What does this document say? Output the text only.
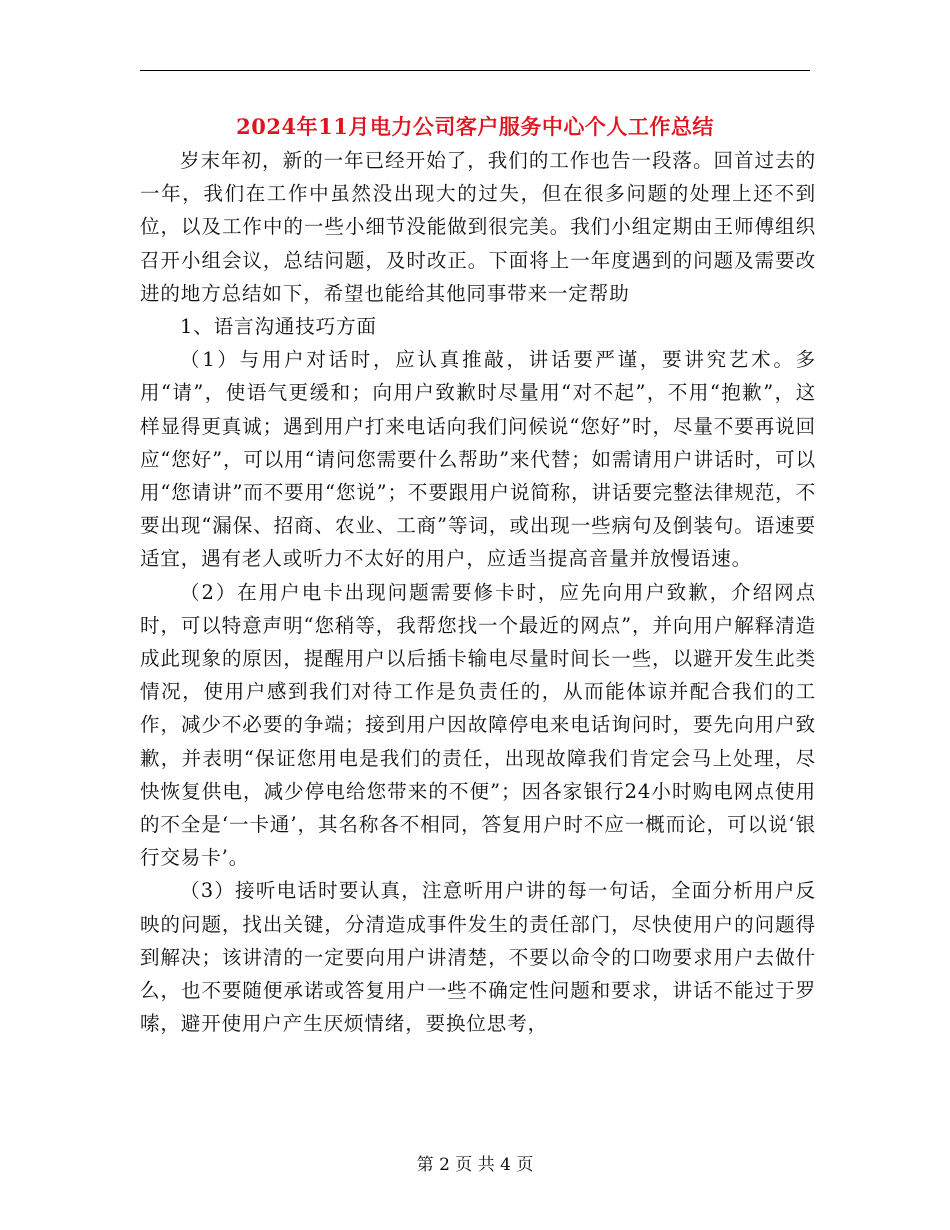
2024年11月电力公司客户服务中心个人工作总结

岁末年初，新的一年已经开始了，我们的工作也告一段落。回首过去的一年，我们在工作中虽然没出现大的过失，但在很多问题的处理上还不到位，以及工作中的一些小细节没能做到很完美。我们小组定期由王师傅组织召开小组会议，总结问题，及时改正。下面将上一年度遇到的问题及需要改进的地方总结如下，希望也能给其他同事带来一定帮助

1、语言沟通技巧方面

（1）与用户对话时，应认真推敲，讲话要严谨，要讲究艺术。多用“请”，使语气更缓和；向用户致歉时尽量用“对不起”，不用“抱歉”，这样显得更真诚；遇到用户打来电话向我们问候说“您好”时，尽量不要再说回应“您好”，可以用“请问您需要什么帮助”来代替；如需请用户讲话时，可以用“您请讲”而不要用“您说”；不要跟用户说简称，讲话要完整法律规范，不要出现“漏保、招商、农业、工商”等词，或出现一些病句及倒装句。语速要适宜，遇有老人或听力不太好的用户，应适当提高音量并放慢语速。

（2）在用户电卡出现问题需要修卡时，应先向用户致歉，介绍网点时，可以特意声明“您稍等，我帮您找一个最近的网点”，并向用户解释清造成此现象的原因，提醒用户以后插卡输电尽量时间长一些，以避开发生此类情况，使用户感到我们对待工作是负责任的，从而能体谅并配合我们的工作，减少不必要的争端；接到用户因故障停电来电话询问时，要先向用户致歉，并表明“保证您用电是我们的责任，出现故障我们肯定会马上处理，尽快恢复供电，减少停电给您带来的不便”；因各家银行24小时购电网点使用的不全是‘一卡通’，其名称各不相同，答复用户时不应一概而论，可以说‘银行交易卡’。

（3）接听电话时要认真，注意听用户讲的每一句话，全面分析用户反映的问题，找出关键，分清造成事件发生的责任部门，尽快使用户的问题得到解决；该讲清的一定要向用户讲清楚，不要以命令的口吻要求用户去做什么，也不要随便承诺或答复用户一些不确定性问题和要求，讲话不能过于罗嗦，避开使用户产生厌烦情绪，要换位思考，

第 2 页 共 4 页
